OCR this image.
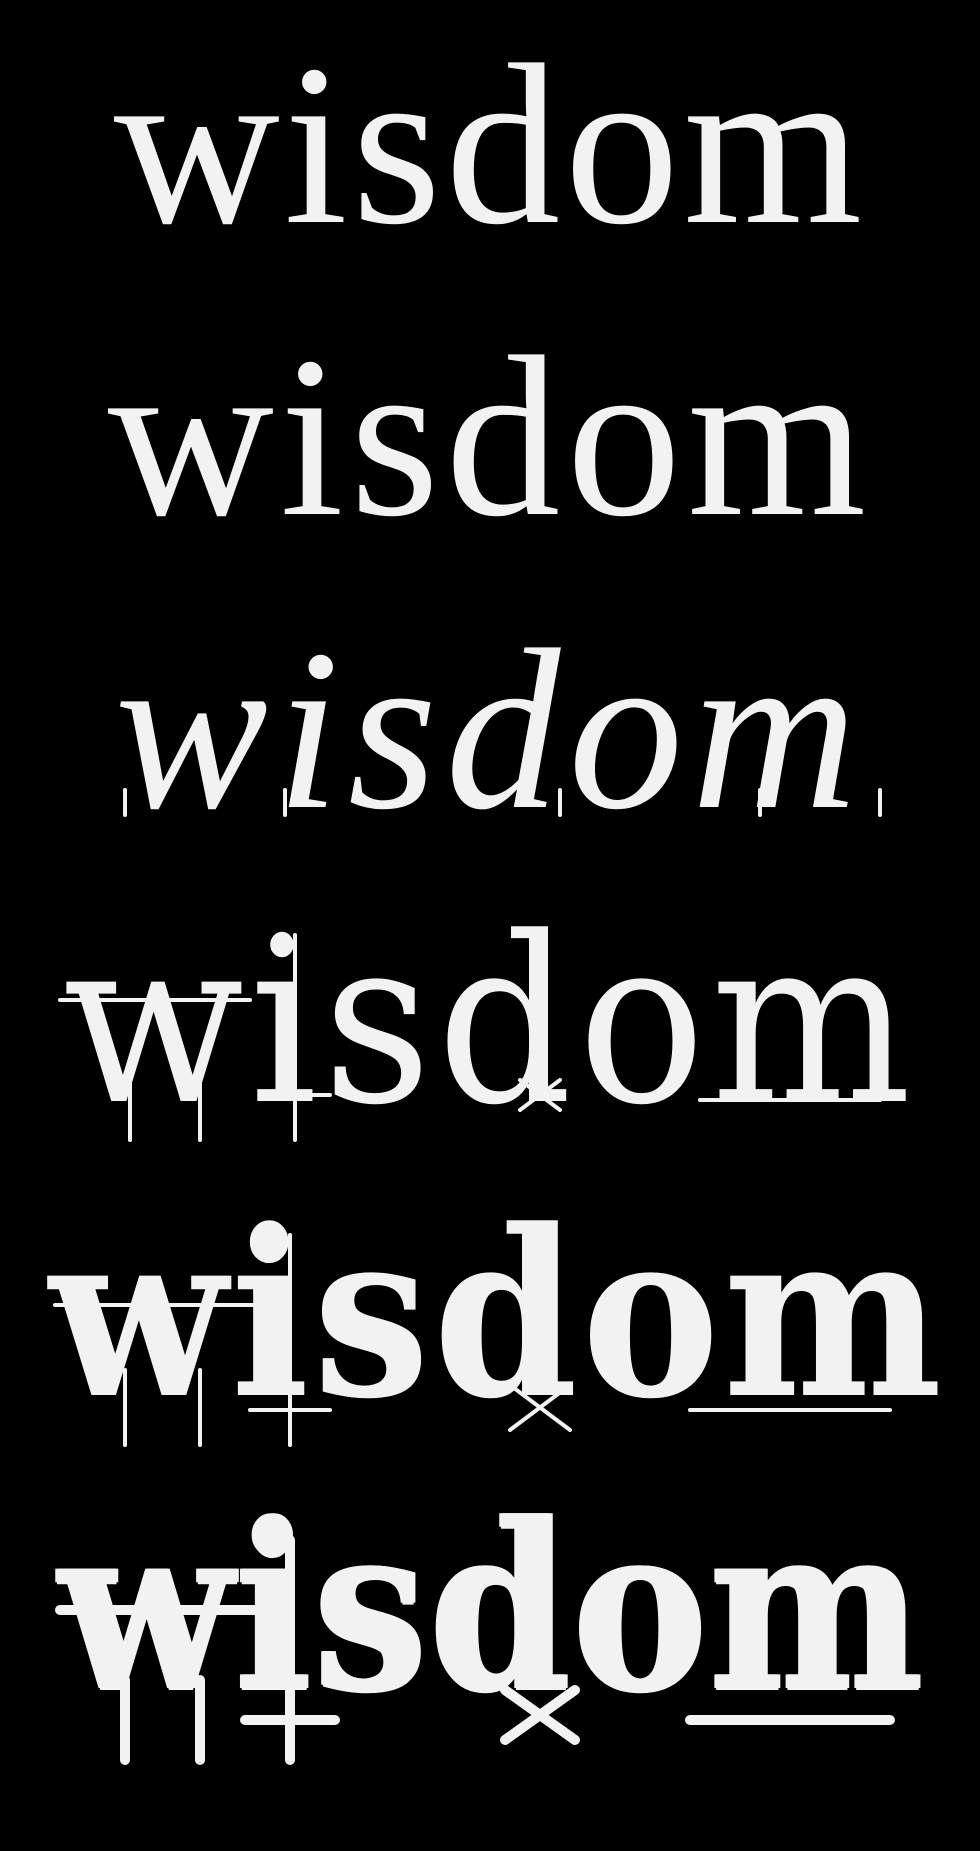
wisdom

wisdom

wisdom

wisdom

wisdom

wisdom
